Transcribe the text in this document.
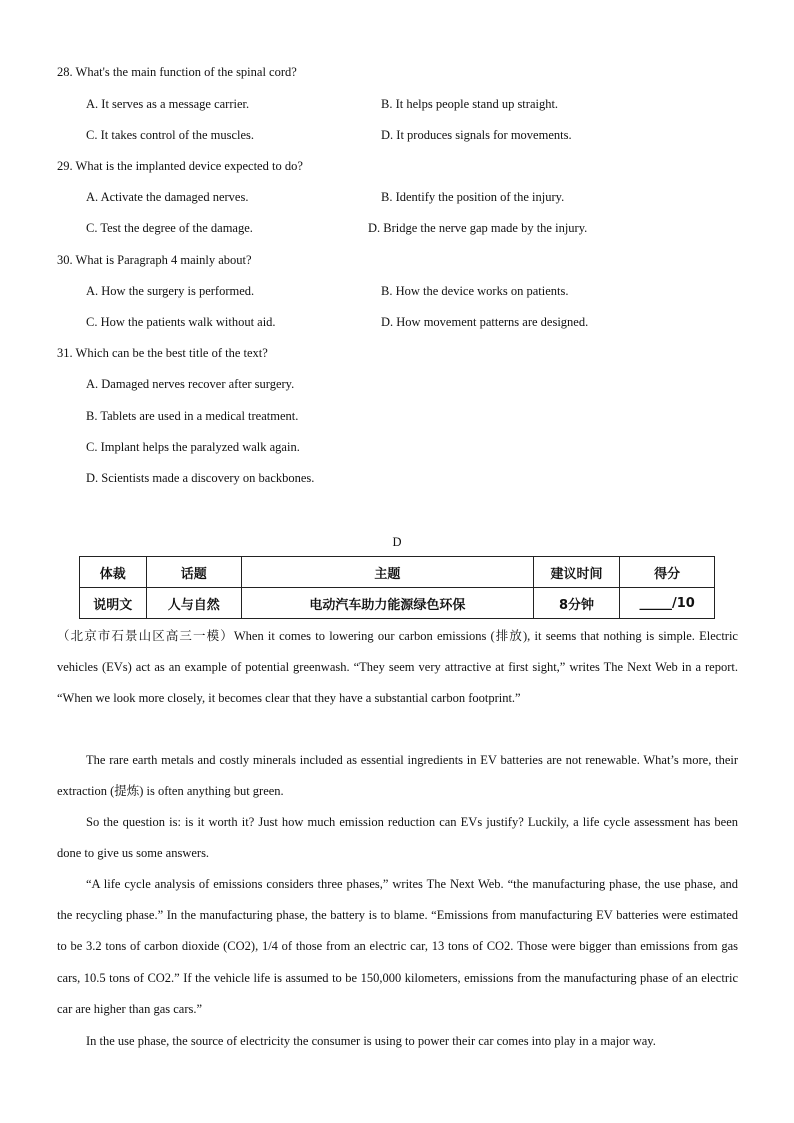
28. What's the main function of the spinal cord?
A. It serves as a message carrier.	B. It helps people stand up straight.
C. It takes control of the muscles.	D. It produces signals for movements.
29. What is the implanted device expected to do?
A. Activate the damaged nerves.	B. Identify the position of the injury.
C. Test the degree of the damage.	D. Bridge the nerve gap made by the injury.
30. What is Paragraph 4 mainly about?
A. How the surgery is performed.	B. How the device works on patients.
C. How the patients walk without aid.	D. How movement patterns are designed.
31. Which can be the best title of the text?
A. Damaged nerves recover after surgery.
B. Tablets are used in a medical treatment.
C. Implant helps the paralyzed walk again.
D. Scientists made a discovery on backbones.
D
体裁	话题	主题	建议时间	得分
说明文	人与自然	电动汽车助力能源绿色环保	8分钟	_____/10
（北京市石景山区高三一模）When it comes to lowering our carbon emissions (排放), it seems that nothing is simple. Electric vehicles (EVs) act as an example of potential greenwash. “They seem very attractive at first sight,” writes The Next Web in a report. “When we look more closely, it becomes clear that they have a substantial carbon footprint.”
The rare earth metals and costly minerals included as essential ingredients in EV batteries are not renewable. What’s more, their extraction (提炼) is often anything but green.
So the question is: is it worth it? Just how much emission reduction can EVs justify? Luckily, a life cycle assessment has been done to give us some answers.
“A life cycle analysis of emissions considers three phases,” writes The Next Web. “the manufacturing phase, the use phase, and the recycling phase.” In the manufacturing phase, the battery is to blame. “Emissions from manufacturing EV batteries were estimated to be 3.2 tons of carbon dioxide (CO2), 1/4 of those from an electric car, 13 tons of CO2. Those were bigger than emissions from gas cars, 10.5 tons of CO2.” If the vehicle life is assumed to be 150,000 kilometers, emissions from the manufacturing phase of an electric car are higher than gas cars.”
In the use phase, the source of electricity the consumer is using to power their car comes into play in a major way.
